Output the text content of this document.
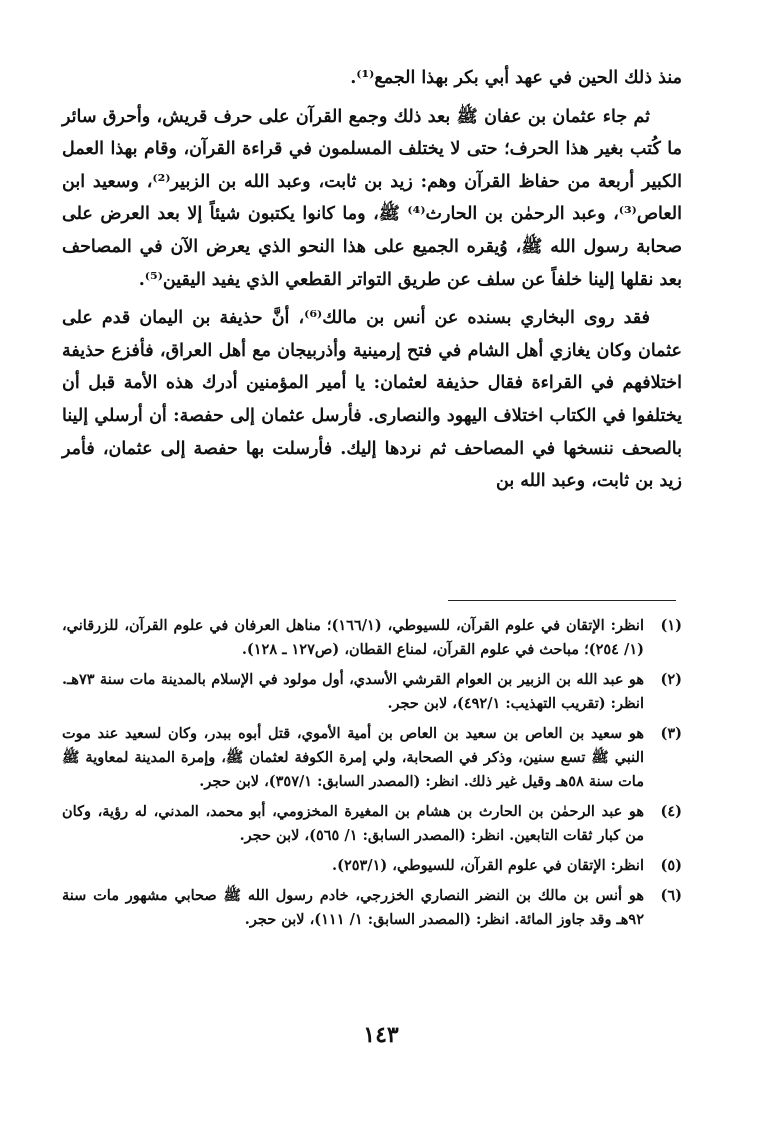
منذ ذلك الحين في عهد أبي بكر بهذا الجمع⁽¹⁾.

ثم جاء عثمان بن عفان ﷺ بعد ذلك وجمع القرآن على حرف قريش، وأحرق سائر ما كُتب بغير هذا الحرف؛ حتى لا يختلف المسلمون في قراءة القرآن، وقام بهذا العمل الكبير أربعة من حفاظ القرآن وهم: زيد بن ثابت، وعبد الله بن الزبير⁽²⁾، وسعيد ابن العاص⁽³⁾، وعبد الرحمٰن بن الحارث⁽⁴⁾ ﷺ، وما كانوا يكتبون شيئاً إلا بعد العرض على صحابة رسول الله ﷺ، وُيقره الجميع على هذا النحو الذي يعرض الآن في المصاحف بعد نقلها إلينا خلفاً عن سلف عن طريق التواتر القطعي الذي يفيد اليقين⁽⁵⁾.

فقد روى البخاري بسنده عن أنس بن مالك⁽⁶⁾، أنَّ حذيفة بن اليمان قدم على عثمان وكان يغازي أهل الشام في فتح إرمينية وأذربيجان مع أهل العراق، فأفزع حذيفة اختلافهم في القراءة فقال حذيفة لعثمان: يا أمير المؤمنين أدرك هذه الأمة قبل أن يختلفوا في الكتاب اختلاف اليهود والنصارى. فأرسل عثمان إلى حفصة: أن أرسلي إلينا بالصحف ننسخها في المصاحف ثم نردها إليك. فأرسلت بها حفصة إلى عثمان، فأمر زيد بن ثابت، وعبد الله بن

(١)
انظر: الإتقان في علوم القرآن، للسيوطي، (١٦٦/١)؛ مناهل العرفان في علوم القرآن، للزرقاني، (١/ ٢٥٤)؛ مباحث في علوم القرآن، لمناع القطان، (ص١٢٧ ـ ١٢٨).
(٢)
هو عبد الله بن الزبير بن العوام القرشي الأسدي، أول مولود في الإسلام بالمدينة مات سنة ٧٣هـ. انظر: (تقريب التهذيب: ٤٩٢/١)، لابن حجر.
(٣)
هو سعيد بن العاص بن سعيد بن العاص بن أمية الأموي، قتل أبوه ببدر، وكان لسعيد عند موت النبي ﷺ تسع سنين، وذكر في الصحابة، ولي إمرة الكوفة لعثمان ﷺ، وإمرة المدينة لمعاوية ﷺ مات سنة ٥٨هـ وقيل غير ذلك. انظر: (المصدر السابق: ٣٥٧/١)، لابن حجر.
(٤)
هو عبد الرحمٰن بن الحارث بن هشام بن المغيرة المخزومي، أبو محمد، المدني، له رؤية، وكان من كبار ثقات التابعين. انظر: (المصدر السابق: ١/ ٥٦٥)، لابن حجر.
(٥)
انظر: الإتقان في علوم القرآن، للسيوطي، (٢٥٣/١).
(٦)
هو أنس بن مالك بن النضر النصاري الخزرجي، خادم رسول الله ﷺ صحابي مشهور مات سنة ٩٢هـ وقد جاوز المائة. انظر: (المصدر السابق: ١/ ١١١)، لابن حجر.
١٤٣
